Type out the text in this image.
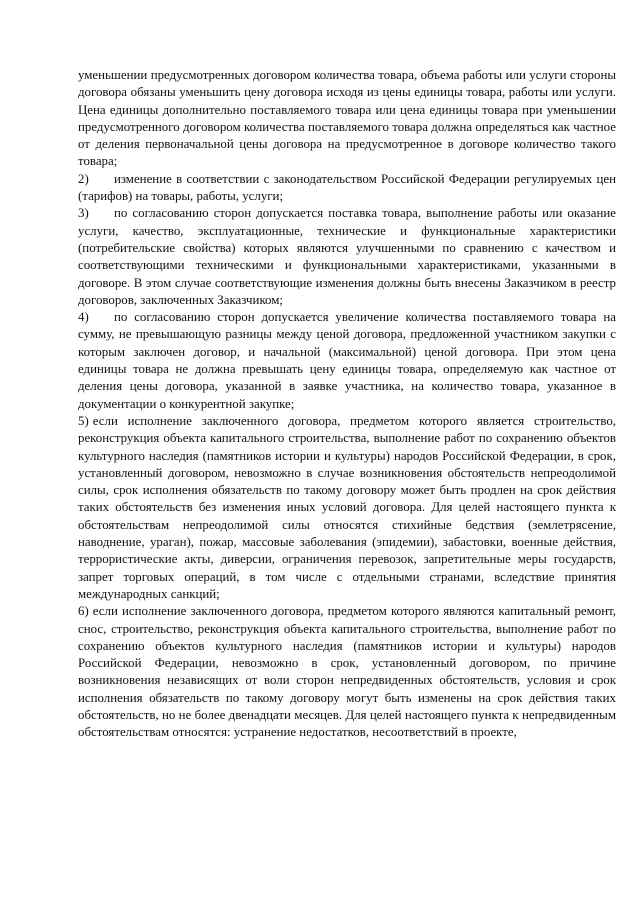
уменьшении предусмотренных договором количества товара, объема работы или услуги стороны договора обязаны уменьшить цену договора исходя из цены единицы товара, работы или услуги. Цена единицы дополнительно поставляемого товара или цена единицы товара при уменьшении предусмотренного договором количества поставляемого товара должна определяться как частное от деления первоначальной цены договора на предусмотренное в договоре количество такого товара;

2) изменение в соответствии с законодательством Российской Федерации регулируемых цен (тарифов) на товары, работы, услуги;

3) по согласованию сторон допускается поставка товара, выполнение работы или оказание услуги, качество, эксплуатационные, технические и функциональные характеристики (потребительские свойства) которых являются улучшенными по сравнению с качеством и соответствующими техническими и функциональными характеристиками, указанными в договоре. В этом случае соответствующие изменения должны быть внесены Заказчиком в реестр договоров, заключенных Заказчиком;

4) по согласованию сторон допускается увеличение количества поставляемого товара на сумму, не превышающую разницы между ценой договора, предложенной участником закупки с которым заключен договор, и начальной (максимальной) ценой договора. При этом цена единицы товара не должна превышать цену единицы товара, определяемую как частное от деления цены договора, указанной в заявке участника, на количество товара, указанное в документации о конкурентной закупке;

5) если исполнение заключенного договора, предметом которого является строительство, реконструкция объекта капитального строительства, выполнение работ по сохранению объектов культурного наследия (памятников истории и культуры) народов Российской Федерации, в срок, установленный договором, невозможно в случае возникновения обстоятельств непреодолимой силы, срок исполнения обязательств по такому договору может быть продлен на срок действия таких обстоятельств без изменения иных условий договора. Для целей настоящего пункта к обстоятельствам непреодолимой силы относятся стихийные бедствия (землетрясение, наводнение, ураган), пожар, массовые заболевания (эпидемии), забастовки, военные действия, террористические акты, диверсии, ограничения перевозок, запретительные меры государств, запрет торговых операций, в том числе с отдельными странами, вследствие принятия международных санкций;

6) если исполнение заключенного договора, предметом которого являются капитальный ремонт, снос, строительство, реконструкция объекта капитального строительства, выполнение работ по сохранению объектов культурного наследия (памятников истории и культуры) народов Российской Федерации, невозможно в срок, установленный договором, по причине возникновения независящих от воли сторон непредвиденных обстоятельств, условия и срок исполнения обязательств по такому договору могут быть изменены на срок действия таких обстоятельств, но не более двенадцати месяцев. Для целей настоящего пункта к непредвиденным обстоятельствам относятся: устранение недостатков, несоответствий в проекте,
